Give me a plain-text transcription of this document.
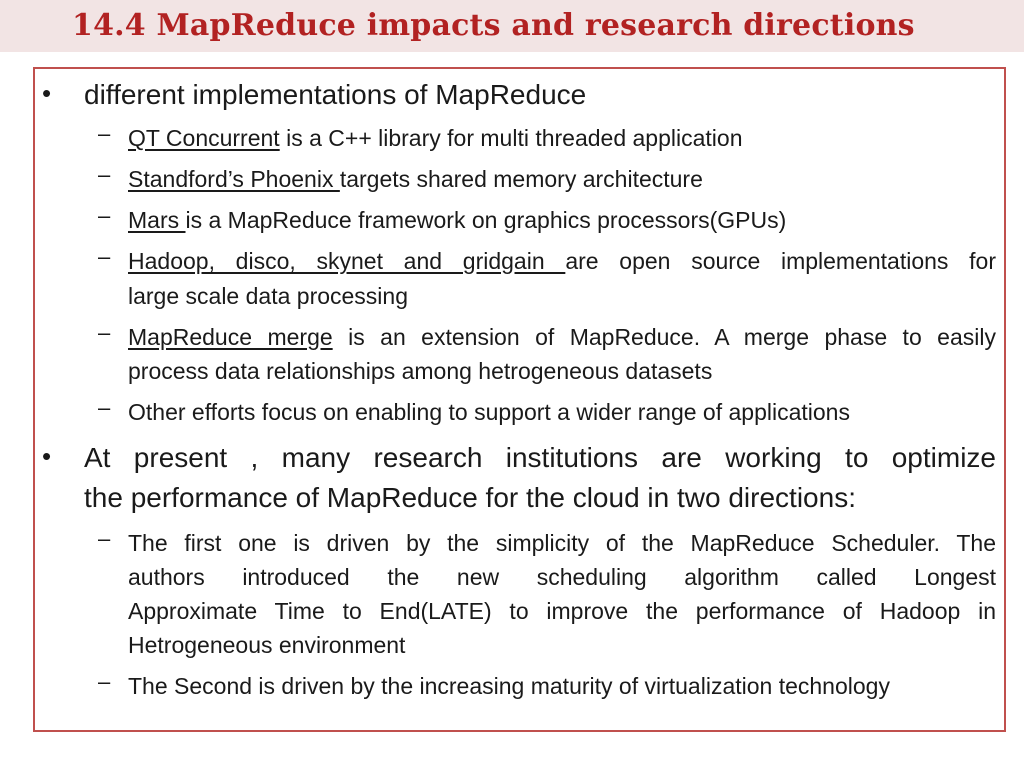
14.4 MapReduce impacts and research directions
• different implementations of MapReduce
– QT Concurrent is a C++ library for multi threaded application
– Standford’s Phoenix targets shared memory architecture
– Mars is a MapReduce framework on graphics processors(GPUs)
– Hadoop, disco, skynet and gridgain are open source implementations for
large scale data processing
– MapReduce merge is an extension of MapReduce. A merge phase to easily
process data relationships among hetrogeneous datasets
– Other efforts focus on enabling to support a wider range of applications
• At present , many research institutions are working to optimize
the performance of MapReduce for the cloud in two directions:
– The first one is driven by the simplicity of the MapReduce Scheduler. The
authors introduced the new scheduling algorithm called Longest
Approximate Time to End(LATE) to improve the performance of Hadoop in
Hetrogeneous environment
– The Second is driven by the increasing maturity of virtualization technology
